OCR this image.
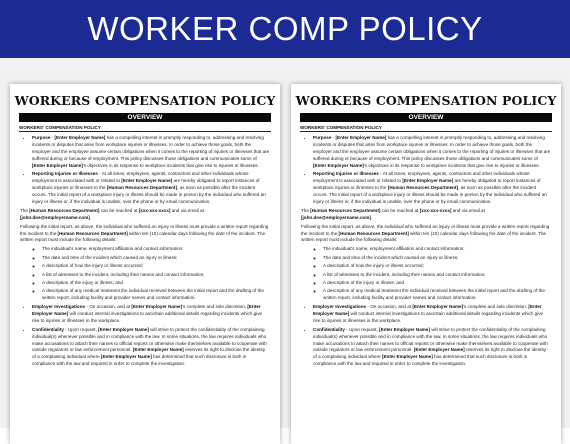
WORKER COMP POLICY
WORKERS COMPENSATION POLICY
OVERVIEW
WORKERS' COMPENSATION POLICY
• Purpose - [Enter Employer Name] has a compelling interest in promptly responding to, addressing and resolving incidents or disputes that arise from workplace injuries or illnesses. In order to achieve those goals, both the employer and the employee assume certain obligations when it comes to the reporting of injuries or illnesses that are suffered during or because of employment. This policy discusses those obligations and communicates some of [Enter Employer Name]'s objectives in its response to workplace incidents that give rise to injuries or illnesses.
• Reporting Injuries or Illnesses - At all times, employees, agents, contractors and other individuals whose employment is associated with or related to [Enter Employer Name] are hereby obligated to report instances of workplace injuries or illnesses to the [Human Resources Department], as soon as possible after the incident occurs. The initial report of a workplace injury or illness should be made in person by the individual who suffered an injury or illness or, if the individual is unable, over the phone or by email communication.

The [Human Resources Department] can be reached at [xxx-xxx-xxxx] and via email at [john.doe@employername.com].

Following the initial report, as above, the individual who suffered an injury or illness must provide a written report regarding the incident to the [Human Resources Department] within ten (10) calendar days following the date of the incident. The written report must include the following details:

◦ The individual's name, employment affiliation and contact information;
◦ The date and time of the incident which caused an injury or illness;
◦ A description of how the injury or illness occurred;
◦ A list of witnesses to the incident, including their names and contact information;
◦ A description of the injury or illness; and
◦ A description of any medical treatment the individual received between the initial report and the drafting of the written report, including facility and provider names and contact information.
• Employer Investigations - On occasion, and at [Enter Employer Name]'s complete and sole discretion, [Enter Employer Name] will conduct internal investigations to ascertain additional details regarding incidents which give rise to injuries or illnesses in the workplace.
• Confidentiality - Upon request, [Enter Employer Name] will strive to protect the confidentiality of the complaining individual(s) whenever possible and in compliance with the law. In some situations, the law requires individuals who make accusations to attach their names to official reports or otherwise make themselves available to cooperate with outside regulators or law enforcement personnel. [Enter Employer Name] reserves its right to disclose the identity of a complaining individual where [Enter Employer Name] has determined that such disclosure is both in compliance with the law and required in order to complete the investigation.
WORKERS COMPENSATION POLICY
OVERVIEW
WORKERS' COMPENSATION POLICY
• Purpose - [Enter Employer Name] has a compelling interest in promptly responding to, addressing and resolving incidents or disputes that arise from workplace injuries or illnesses. In order to achieve those goals, both the employer and the employee assume certain obligations when it comes to the reporting of injuries or illnesses that are suffered during or because of employment. This policy discusses those obligations and communicates some of [Enter Employer Name]'s objectives in its response to workplace incidents that give rise to injuries or illnesses.
• Reporting Injuries or Illnesses - At all times, employees, agents, contractors and other individuals whose employment is associated with or related to [Enter Employer Name] are hereby obligated to report instances of workplace injuries or illnesses to the [Human Resources Department], as soon as possible after the incident occurs. The initial report of a workplace injury or illness should be made in person by the individual who suffered an injury or illness or, if the individual is unable, over the phone or by email communication.

The [Human Resources Department] can be reached at [xxx-xxx-xxxx] and via email at [john.doe@employername.com].

Following the initial report, as above, the individual who suffered an injury or illness must provide a written report regarding the incident to the [Human Resources Department] within ten (10) calendar days following the date of the incident. The written report must include the following details:

◦ The individual's name, employment affiliation and contact information;
◦ The date and time of the incident which caused an injury or illness;
◦ A description of how the injury or illness occurred;
◦ A list of witnesses to the incident, including their names and contact information;
◦ A description of the injury or illness; and
◦ A description of any medical treatment the individual received between the initial report and the drafting of the written report, including facility and provider names and contact information.
• Employer Investigations - On occasion, and at [Enter Employer Name]'s complete and sole discretion, [Enter Employer Name] will conduct internal investigations to ascertain additional details regarding incidents which give rise to injuries or illnesses in the workplace.
• Confidentiality - Upon request, [Enter Employer Name] will strive to protect the confidentiality of the complaining individual(s) whenever possible and in compliance with the law. In some situations, the law requires individuals who make accusations to attach their names to official reports or otherwise make themselves available to cooperate with outside regulators or law enforcement personnel. [Enter Employer Name] reserves its right to disclose the identity of a complaining individual where [Enter Employer Name] has determined that such disclosure is both in compliance with the law and required in order to complete the investigation.
